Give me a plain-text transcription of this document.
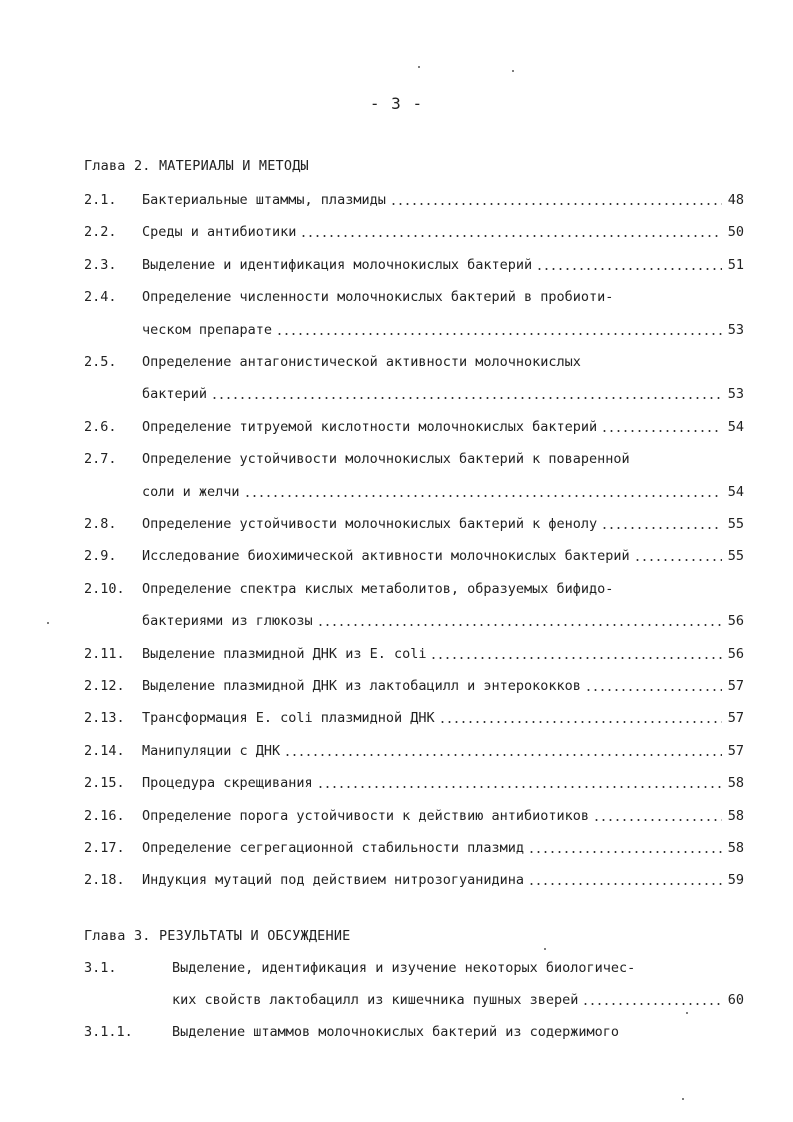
- 3 -
Глава 2. МАТЕРИАЛЫ И МЕТОДЫ
2.1. Бактериальные штаммы, плазмиды	48
2.2. Среды и антибиотики	50
2.3. Выделение и идентификация молочнокислых бактерий	51
2.4. Определение численности молочнокислых бактерий в пробиоти-
ческом препарате	53
2.5. Определение антагонистической активности молочнокислых
бактерий	53
2.6. Определение титруемой кислотности молочнокислых бактерий	54
2.7. Определение устойчивости молочнокислых бактерий к поваренной
соли и желчи	54
2.8. Определение устойчивости молочнокислых бактерий к фенолу	55
2.9. Исследование биохимической активности молочнокислых бактерий	55
2.10. Определение спектра кислых метаболитов, образуемых бифидо-
бактериями из глюкозы	56
2.11. Выделение плазмидной ДНК из E. coli	56
2.12. Выделение плазмидной ДНК из лактобацилл и энтерококков	57
2.13. Трансформация E. coli плазмидной ДНК	57
2.14. Манипуляции с ДНК	57
2.15. Процедура скрещивания	58
2.16. Определение порога устойчивости к действию антибиотиков	58
2.17. Определение сегрегационной стабильности плазмид	58
2.18. Индукция мутаций под действием нитрозогуанидина	59
Глава 3. РЕЗУЛЬТАТЫ И ОБСУЖДЕНИЕ
3.1.	Выделение, идентификация и изучение некоторых биологичес-
ких свойств лактобацилл из кишечника пушных зверей	60
3.1.1.	Выделение штаммов молочнокислых бактерий из содержимого
